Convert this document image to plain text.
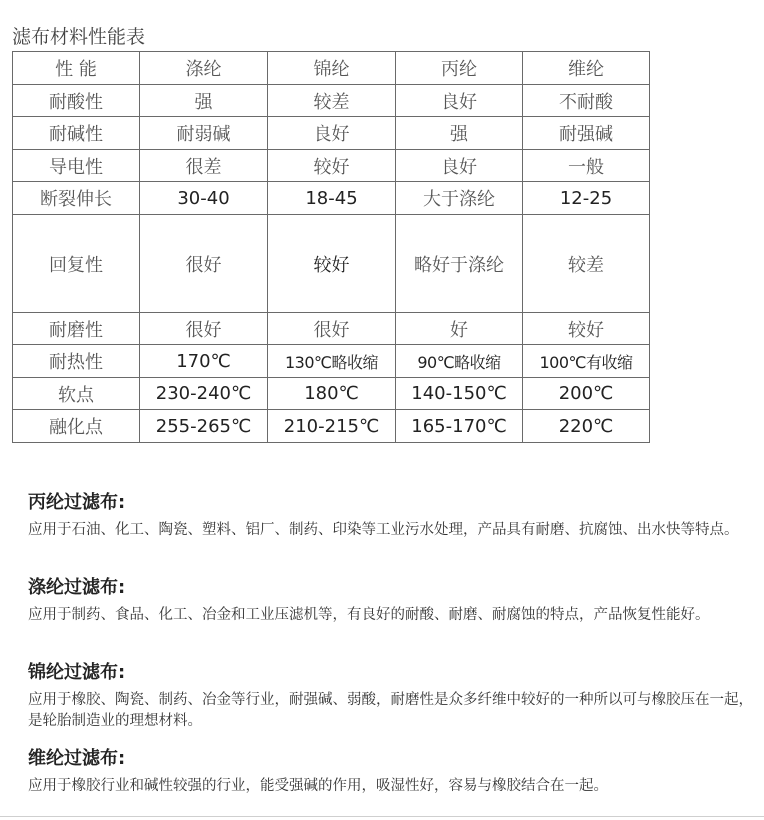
滤布材料性能表
性 能	涤纶	锦纶	丙纶	维纶
耐酸性	强	较差	良好	不耐酸
耐碱性	耐弱碱	良好	强	耐强碱
导电性	很差	较好	良好	一般
断裂伸长	30-40	18-45	大于涤纶	12-25
回复性	很好	较好	略好于涤纶	较差
耐磨性	很好	很好	好	较好
耐热性	170℃	130℃略收缩	90℃略收缩	100℃有收缩
软点	230-240℃	180℃	140-150℃	200℃
融化点	255-265℃	210-215℃	165-170℃	220℃
丙纶过滤布:

应用于石油、化工、陶瓷、塑料、铝厂、制药、印染等工业污水处理，产品具有耐磨、抗腐蚀、出水快等特点。

涤纶过滤布:

应用于制药、食品、化工、冶金和工业压滤机等，有良好的耐酸、耐磨、耐腐蚀的特点，产品恢复性能好。

锦纶过滤布:

应用于橡胶、陶瓷、制药、冶金等行业，耐强碱、弱酸，耐磨性是众多纤维中较好的一种所以可与橡胶压在一起，是轮胎制造业的理想材料。

维纶过滤布:

应用于橡胶行业和碱性较强的行业，能受强碱的作用，吸湿性好，容易与橡胶结合在一起。
